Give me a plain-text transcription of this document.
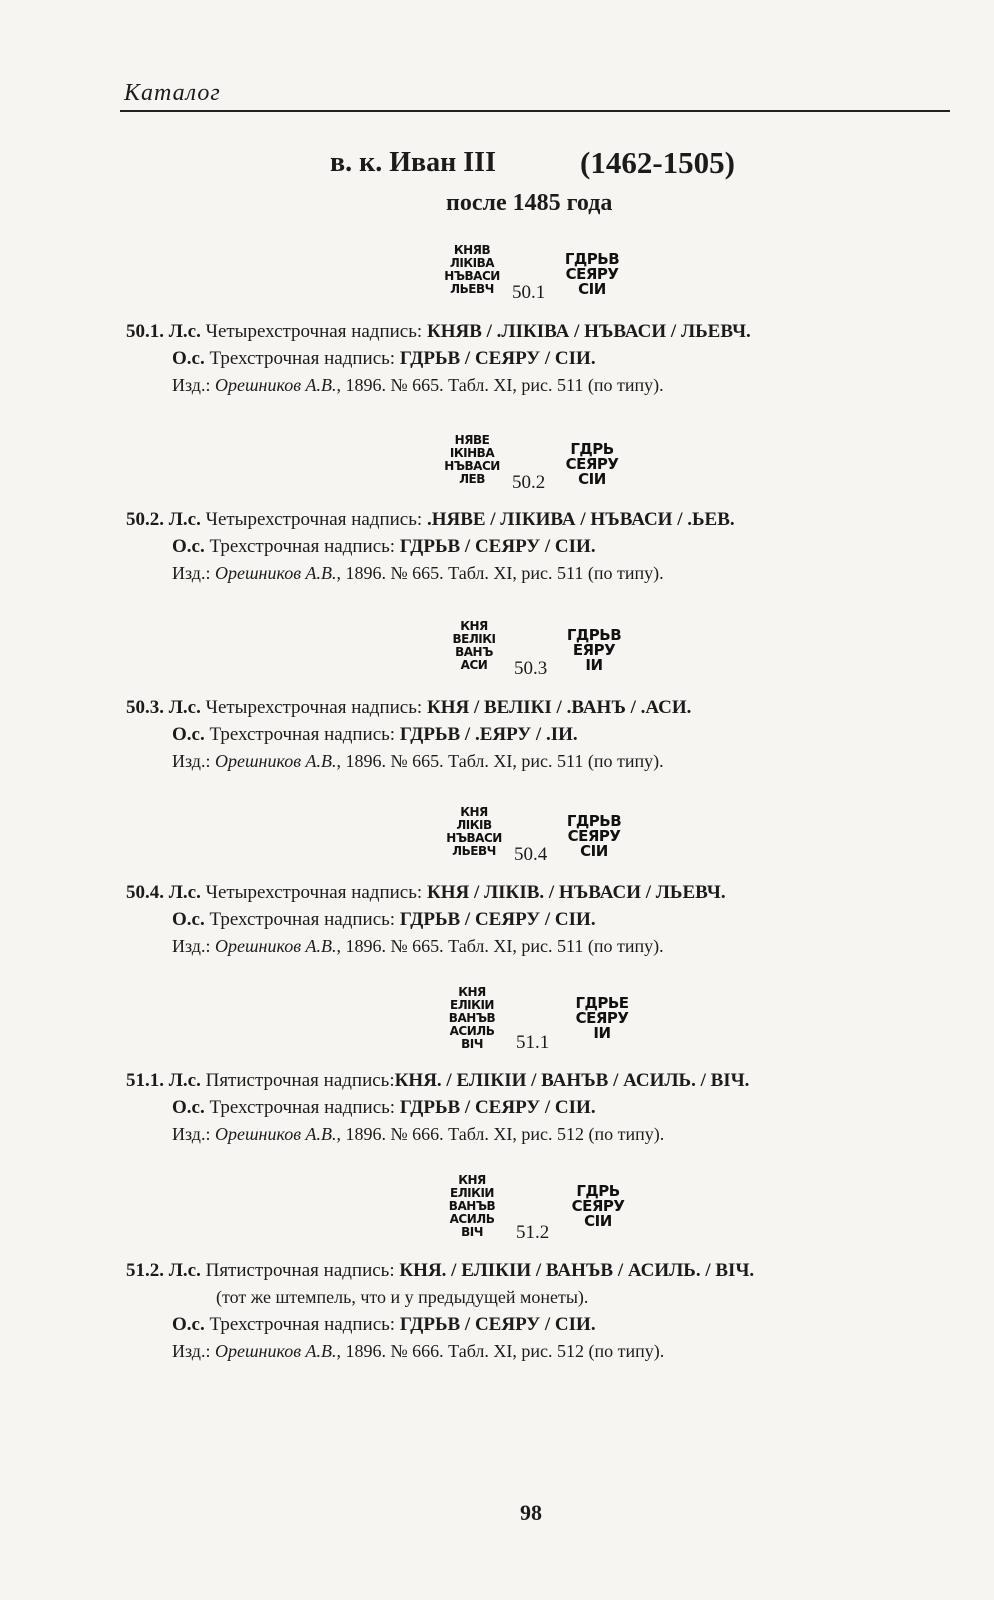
Каталог
в. к. Иван III	(1462-1505)
после 1485 года
КНЯВ
ЛІКІВА
НЪВАСИ
ЛЬЕВЧ 50.1
ГДРЬВ
СЕЯРУ
СІИ
50.1. Л.с. Четырехстрочная надпись: КНЯВ / .ЛІКІВА / НЪВАСИ / ЛЬЕВЧ.
О.с. Трехстрочная надпись: ГДРЬВ / СЕЯРУ / СІИ.
Изд.: Орешников А.В., 1896. № 665. Табл. XI, рис. 511 (по типу).
НЯВЕ
ІКІНВА
НЪВАСИ
ЛЕВ	50.2
ГДРЬ
СЕЯРУ
СІИ
50.2. Л.с. Четырехстрочная надпись: .НЯВЕ / ЛІКИВА / НЪВАСИ / .ЬЕВ.
О.с. Трехстрочная надпись: ГДРЬВ / СЕЯРУ / СІИ.
Изд.: Орешников А.В., 1896. № 665. Табл. XI, рис. 511 (по типу).
КНЯ
ВЕЛІКІ
ВАНЪ
АСИ	50.3
ГДРЬВ
ЕЯРУ
ІИ
50.3. Л.с. Четырехстрочная надпись: КНЯ / ВЕЛІКІ / .ВАНЪ / .АСИ.
О.с. Трехстрочная надпись: ГДРЬВ / .ЕЯРУ / .ІИ.
Изд.: Орешников А.В., 1896. № 665. Табл. XI, рис. 511 (по типу).
КНЯ
ЛІКІВ
НЪВАСИ
ЛЬЕВЧ 50.4
ГДРЬВ
СЕЯРУ
СІИ
50.4. Л.с. Четырехстрочная надпись: КНЯ / ЛІКІВ. / НЪВАСИ / ЛЬЕВЧ.
О.с. Трехстрочная надпись: ГДРЬВ / СЕЯРУ / СІИ.
Изд.: Орешников А.В., 1896. № 665. Табл. XI, рис. 511 (по типу).
КНЯ
ЕЛІКІИ
ВАНЪВ
АСИЛЬ
ВІЧ	51.1
ГДРЬЕ
СЕЯРУ
ІИ
51.1. Л.с. Пятистрочная надпись:КНЯ. / ЕЛІКІИ / ВАНЪВ / АСИЛЬ. / ВІЧ.
О.с. Трехстрочная надпись: ГДРЬВ / СЕЯРУ / СІИ.
Изд.: Орешников А.В., 1896. № 666. Табл. XI, рис. 512 (по типу).
КНЯ
ЕЛІКІИ
ВАНЪВ
АСИЛЬ
ВІЧ	51.2
ГДРЬ
СЕЯРУ
СІИ
51.2. Л.с. Пятистрочная надпись: КНЯ. / ЕЛІКІИ / ВАНЪВ / АСИЛЬ. / ВІЧ.
(тот же штемпель, что и у предыдущей монеты).
О.с. Трехстрочная надпись: ГДРЬВ / СЕЯРУ / СІИ.
Изд.: Орешников А.В., 1896. № 666. Табл. XI, рис. 512 (по типу).
98
